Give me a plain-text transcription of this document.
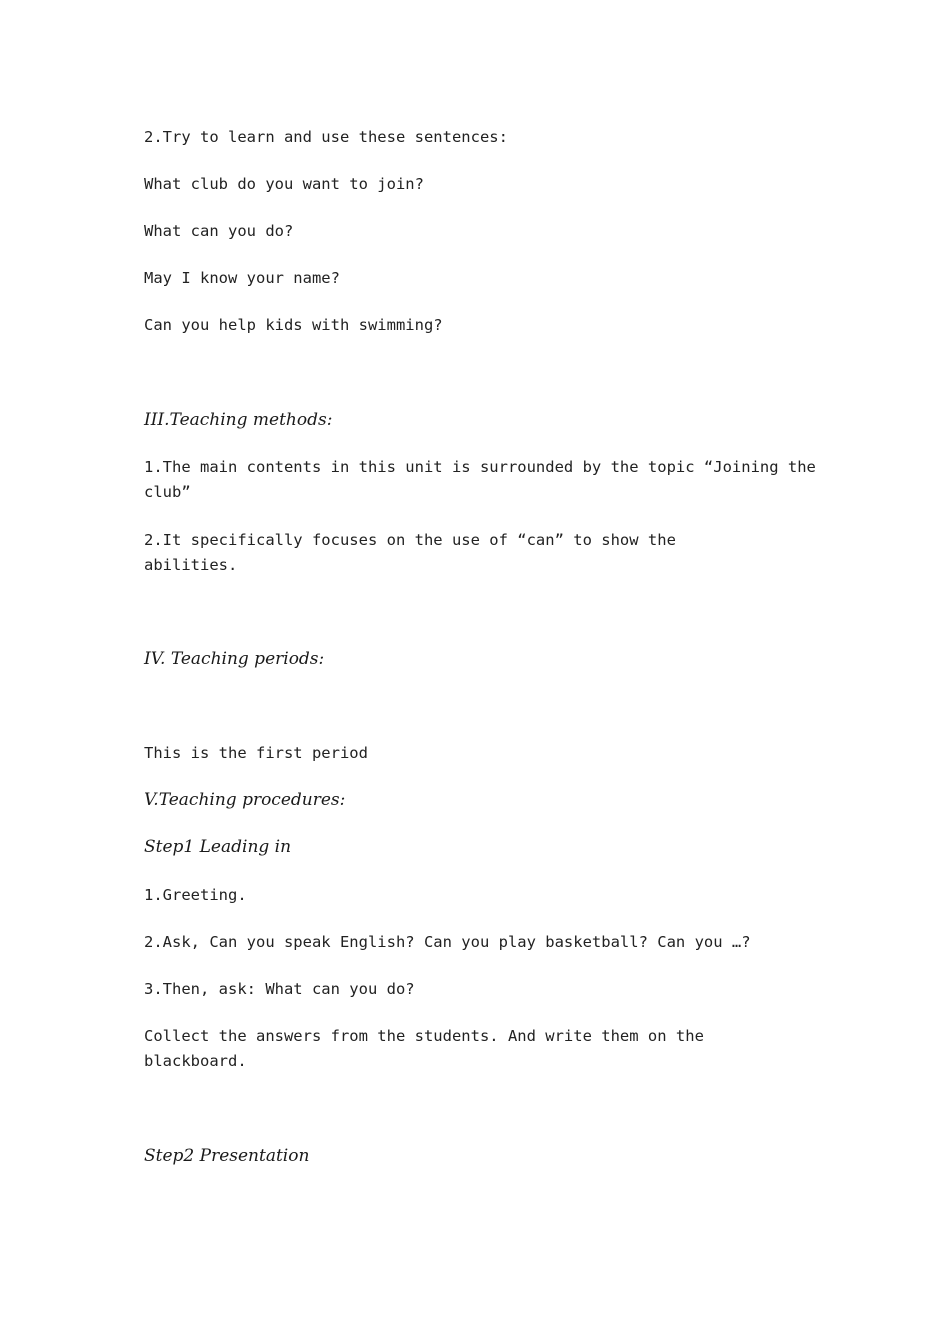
2.Try to learn and use these sentences:

What club do you want to join?

What can you do?

May I know your name?

Can you help kids with swimming?

III.Teaching methods:

1.The main contents in this unit is surrounded by the topic “Joining the club”

2.It specifically focuses on the use of “can” to show the abilities.

IV. Teaching periods:

This is the first period

V.Teaching procedures:

Step1 Leading in

1.Greeting.

2.Ask, Can you speak English? Can you play basketball? Can you …?

3.Then, ask: What can you do?

Collect the answers from the students. And write them on the blackboard.

Step2 Presentation
